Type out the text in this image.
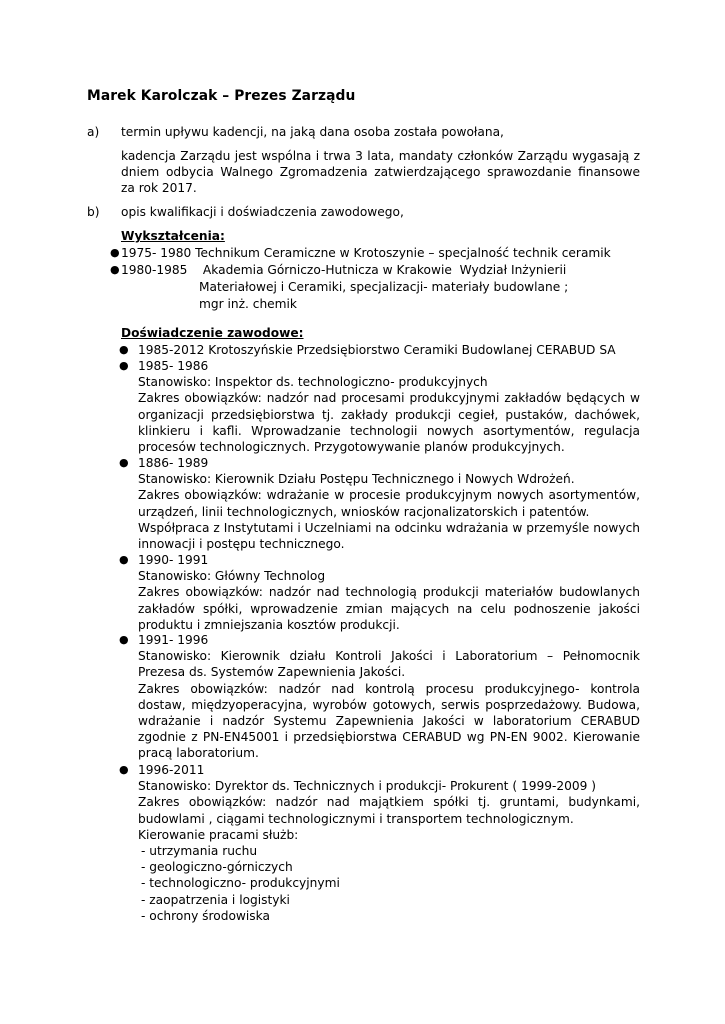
Marek Karolczak – Prezes Zarządu
a) termin upływu kadencji, na jaką dana osoba została powołana,
kadencja Zarządu jest wspólna i trwa 3 lata, mandaty członków Zarządu wygasają z dniem odbycia Walnego Zgromadzenia zatwierdzającego sprawozdanie finansowe za rok 2017.
b) opis kwalifikacji i doświadczenia zawodowego,
Wykształcenia:
● 1975- 1980 Technikum Ceramiczne w Krotoszynie – specjalność technik ceramik
● 1980-1985    Akademia Górniczo-Hutnicza w Krakowie  Wydział Inżynierii
Materiałowej i Ceramiki, specjalizacji- materiały budowlane ;
mgr inż. chemik
Doświadczenie zawodowe:
● 1985-2012 Krotoszyńskie Przedsiębiorstwo Ceramiki Budowlanej CERABUD SA
● 1985- 1986
Stanowisko: Inspektor ds. technologiczno- produkcyjnych
Zakres obowiązków: nadzór nad procesami produkcyjnymi zakładów będących w organizacji przedsiębiorstwa tj. zakłady produkcji cegieł, pustaków, dachówek, klinkieru i kafli. Wprowadzanie technologii nowych asortymentów, regulacja procesów technologicznych. Przygotowywanie planów produkcyjnych.
● 1886- 1989
Stanowisko: Kierownik Działu Postępu Technicznego i Nowych Wdrożeń.
Zakres obowiązków: wdrażanie w procesie produkcyjnym nowych asortymentów, urządzeń, linii technologicznych, wniosków racjonalizatorskich i patentów.
Współpraca z Instytutami i Uczelniami na odcinku wdrażania w przemyśle nowych innowacji i postępu technicznego.
● 1990- 1991
Stanowisko: Główny Technolog
Zakres obowiązków: nadzór nad technologią produkcji materiałów budowlanych zakładów spółki, wprowadzenie zmian mających na celu podnoszenie jakości produktu i zmniejszania kosztów produkcji.
● 1991- 1996
Stanowisko: Kierownik działu Kontroli Jakości i Laboratorium – Pełnomocnik Prezesa ds. Systemów Zapewnienia Jakości.
Zakres obowiązków: nadzór nad kontrolą procesu produkcyjnego- kontrola dostaw, międzyoperacyjna, wyrobów gotowych, serwis posprzedażowy. Budowa, wdrażanie i nadzór Systemu Zapewnienia Jakości w laboratorium CERABUD zgodnie z PN-EN45001 i przedsiębiorstwa CERABUD wg PN-EN 9002. Kierowanie pracą laboratorium.
● 1996-2011
Stanowisko: Dyrektor ds. Technicznych i produkcji- Prokurent ( 1999-2009 )
Zakres obowiązków: nadzór nad majątkiem spółki tj. gruntami, budynkami, budowlami , ciągami technologicznymi i transportem technologicznym.
Kierowanie pracami służb:
- utrzymania ruchu
- geologiczno-górniczych
- technologiczno- produkcyjnymi
- zaopatrzenia i logistyki
- ochrony środowiska
